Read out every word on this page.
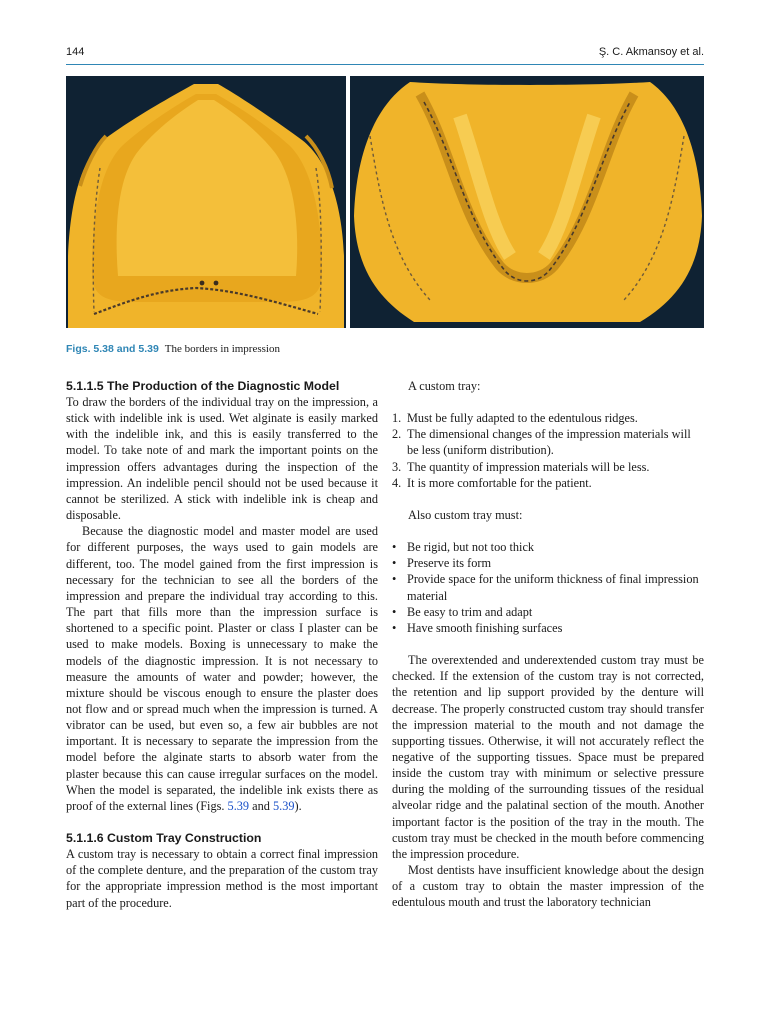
144	Ş. C. Akmansoy et al.
Figs. 5.38 and 5.39 The borders in impression
5.1.1.5 The Production of the Diagnostic Model

To draw the borders of the individual tray on the impression, a stick with indelible ink is used. Wet alginate is easily marked with the indelible ink, and this is easily transferred to the model. To take note of and mark the important points on the impression offers advantages during the inspection of the impression. An indelible pencil should not be used because it cannot be sterilized. A stick with indelible ink is cheap and disposable.

Because the diagnostic model and master model are used for different purposes, the ways used to gain models are different, too. The model gained from the first impression is necessary for the technician to see all the borders of the impression and prepare the individual tray according to this. The part that fills more than the impression surface is shortened to a specific point. Plaster or class I plaster can be used to make models. Boxing is unnecessary to make the models of the diagnostic impression. It is not necessary to measure the amounts of water and powder; however, the mixture should be viscous enough to ensure the plaster does not flow and or spread much when the impression is turned. A vibrator can be used, but even so, a few air bubbles are not important. It is necessary to separate the impression from the model before the alginate starts to absorb water from the plaster because this can cause irregular surfaces on the model. When the model is separated, the indelible ink exists there as proof of the external lines (Figs. 5.39 and 5.39).

5.1.1.6 Custom Tray Construction

A custom tray is necessary to obtain a correct final impression of the complete denture, and the preparation of the custom tray for the appropriate impression method is the most important part of the procedure.

A custom tray:

1. Must be fully adapted to the edentulous ridges.
2. The dimensional changes of the impression materials will be less (uniform distribution).
3. The quantity of impression materials will be less.
4. It is more comfortable for the patient.

Also custom tray must:

• Be rigid, but not too thick
• Preserve its form
• Provide space for the uniform thickness of final impression material
• Be easy to trim and adapt
• Have smooth finishing surfaces

The overextended and underextended custom tray must be checked. If the extension of the custom tray is not corrected, the retention and lip support provided by the denture will decrease. The properly constructed custom tray should transfer the impression material to the mouth and not damage the supporting tissues. Otherwise, it will not accurately reflect the negative of the supporting tissues. Space must be prepared inside the custom tray with minimum or selective pressure during the molding of the surrounding tissues of the residual alveolar ridge and the palatinal section of the mouth. Another important factor is the position of the tray in the mouth. The custom tray must be checked in the mouth before commencing the impression procedure.

Most dentists have insufficient knowledge about the design of a custom tray to obtain the master impression of the edentulous mouth and trust the laboratory technician
